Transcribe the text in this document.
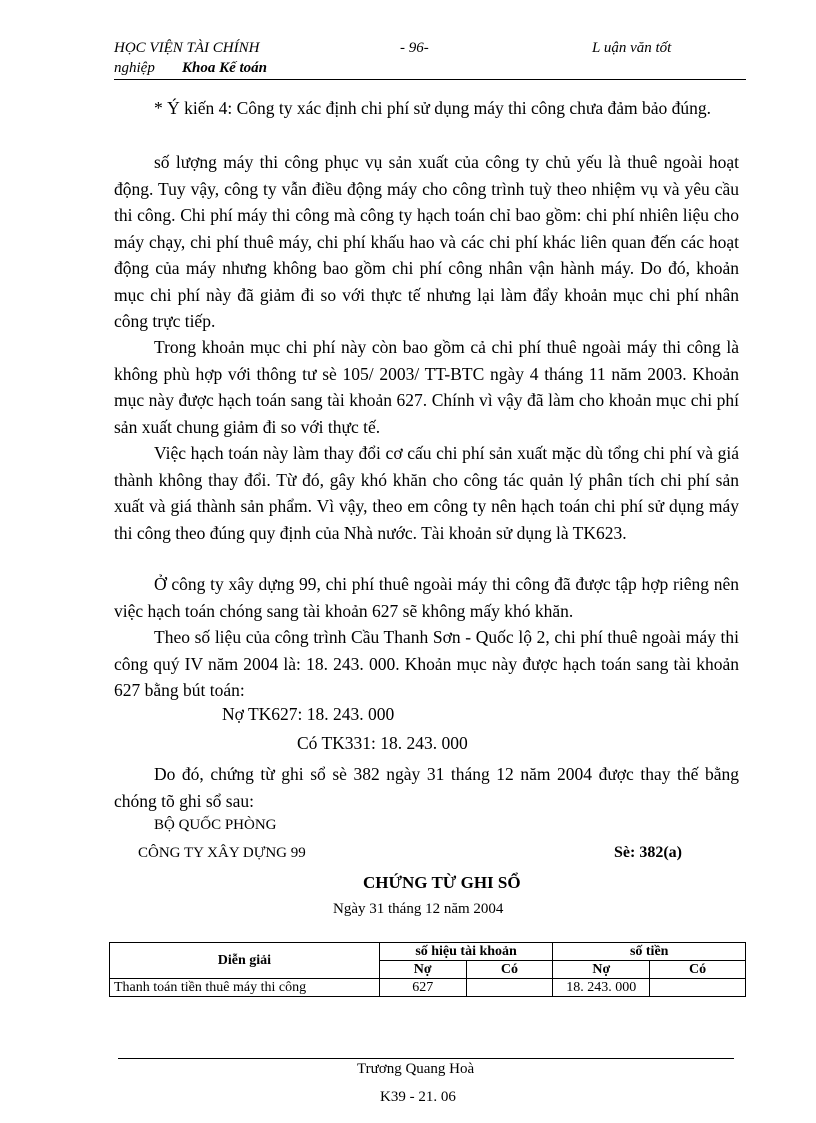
HỌC VIỆN TÀI CHÍNH	- 96-	L uận văn tốt
nghiệp Khoa Kế toán
* Ý kiến 4: Công ty xác định chi phí sử dụng máy thi công chưa đảm bảo đúng.
số lượng máy thi công phục vụ sản xuất của công ty chủ yếu là thuê ngoài hoạt động. Tuy vậy, công ty vẫn điều động máy cho công trình tuỳ theo nhiệm vụ và yêu cầu thi công. Chi phí máy thi công mà công ty hạch toán chỉ bao gồm: chi phí nhiên liệu cho máy chạy, chi phí thuê máy, chi phí khấu hao và các chi phí khác liên quan đến các hoạt động của máy nhưng không bao gồm chi phí công nhân vận hành máy. Do đó, khoản mục chi phí này đã giảm đi so với thực tế nhưng lại làm đẩy khoản mục chi phí nhân công trực tiếp.
Trong khoản mục chi phí này còn bao gồm cả chi phí thuê ngoài máy thi công là không phù hợp với thông tư sè 105/ 2003/ TT-BTC ngày 4 tháng 11 năm 2003. Khoản mục này được hạch toán sang tài khoản 627. Chính vì vậy đã làm cho khoản mục chi phí sản xuất chung giảm đi so với thực tế.
Việc hạch toán này làm thay đổi cơ cấu chi phí sản xuất mặc dù tổng chi phí và giá thành không thay đổi. Từ đó, gây khó khăn cho công tác quản lý phân tích chi phí sản xuất và giá thành sản phẩm. Vì vậy, theo em công ty nên hạch toán chi phí sử dụng máy thi công theo đúng quy định của Nhà nước. Tài khoản sử dụng là TK623.
Ở công ty xây dựng 99, chi phí thuê ngoài máy thi công đã được tập hợp riêng nên việc hạch toán chóng sang tài khoản 627 sẽ không mấy khó khăn.
Theo số liệu của công trình Cầu Thanh Sơn - Quốc lộ 2, chi phí thuê ngoài máy thi công quý IV năm 2004 là: 18. 243. 000. Khoản mục này được hạch toán sang tài khoản 627 bằng bút toán:
Nợ TK627: 18. 243. 000
Có TK331: 18. 243. 000
Do đó, chứng từ ghi sổ sè 382 ngày 31 tháng 12 năm 2004 được thay thế bằng chóng tõ ghi sổ sau:
BỘ QUỐC PHÒNG
CÔNG TY XÂY DỰNG 99	Sè: 382(a)
CHỨNG TỪ GHI SỔ
Ngày 31 tháng 12 năm 2004
Diễn giải	số hiệu tài khoản		số tiền	
	Nợ	Có	Nợ	Có
Thanh toán tiền thuê máy thi công	627		18. 243. 000	
Trương Quang Hoà
K39 - 21. 06
